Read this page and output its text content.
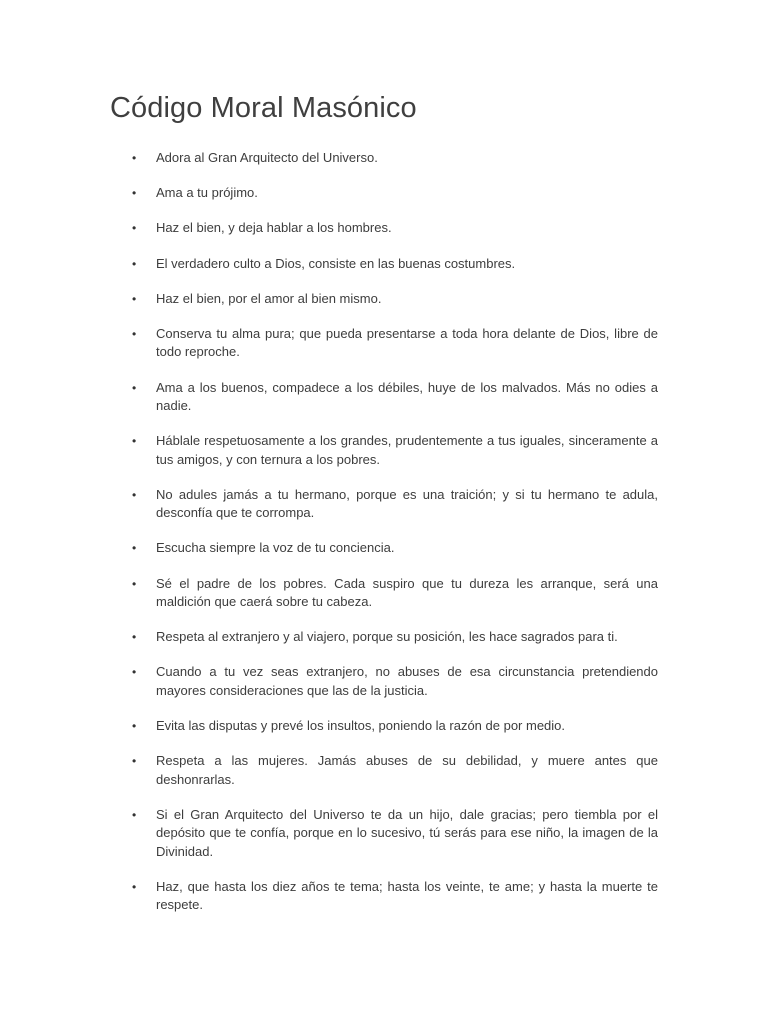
Código Moral Masónico
• Adora al Gran Arquitecto del Universo.
• Ama a tu prójimo.
• Haz el bien, y deja hablar a los hombres.
• El verdadero culto a Dios, consiste en las buenas costumbres.
• Haz el bien, por el amor al bien mismo.
• Conserva tu alma pura; que pueda presentarse a toda hora delante de Dios, libre de todo reproche.
• Ama a los buenos, compadece a los débiles, huye de los malvados. Más no odies a nadie.
• Háblale respetuosamente a los grandes, prudentemente a tus iguales, sinceramente a tus amigos, y con ternura a los pobres.
• No adules jamás a tu hermano, porque es una traición; y si tu hermano te adula, desconfía que te corrompa.
• Escucha siempre la voz de tu conciencia.
• Sé el padre de los pobres. Cada suspiro que tu dureza les arranque, será una maldición que caerá sobre tu cabeza.
• Respeta al extranjero y al viajero, porque su posición, les hace sagrados para ti.
• Cuando a tu vez seas extranjero, no abuses de esa circunstancia pretendiendo mayores consideraciones que las de la justicia.
• Evita las disputas y prevé los insultos, poniendo la razón de por medio.
• Respeta a las mujeres. Jamás abuses de su debilidad, y muere antes que deshonrarlas.
• Si el Gran Arquitecto del Universo te da un hijo, dale gracias; pero tiembla por el depósito que te confía, porque en lo sucesivo, tú serás para ese niño, la imagen de la Divinidad.
• Haz, que hasta los diez años te tema; hasta los veinte, te ame; y hasta la muerte te respete.
